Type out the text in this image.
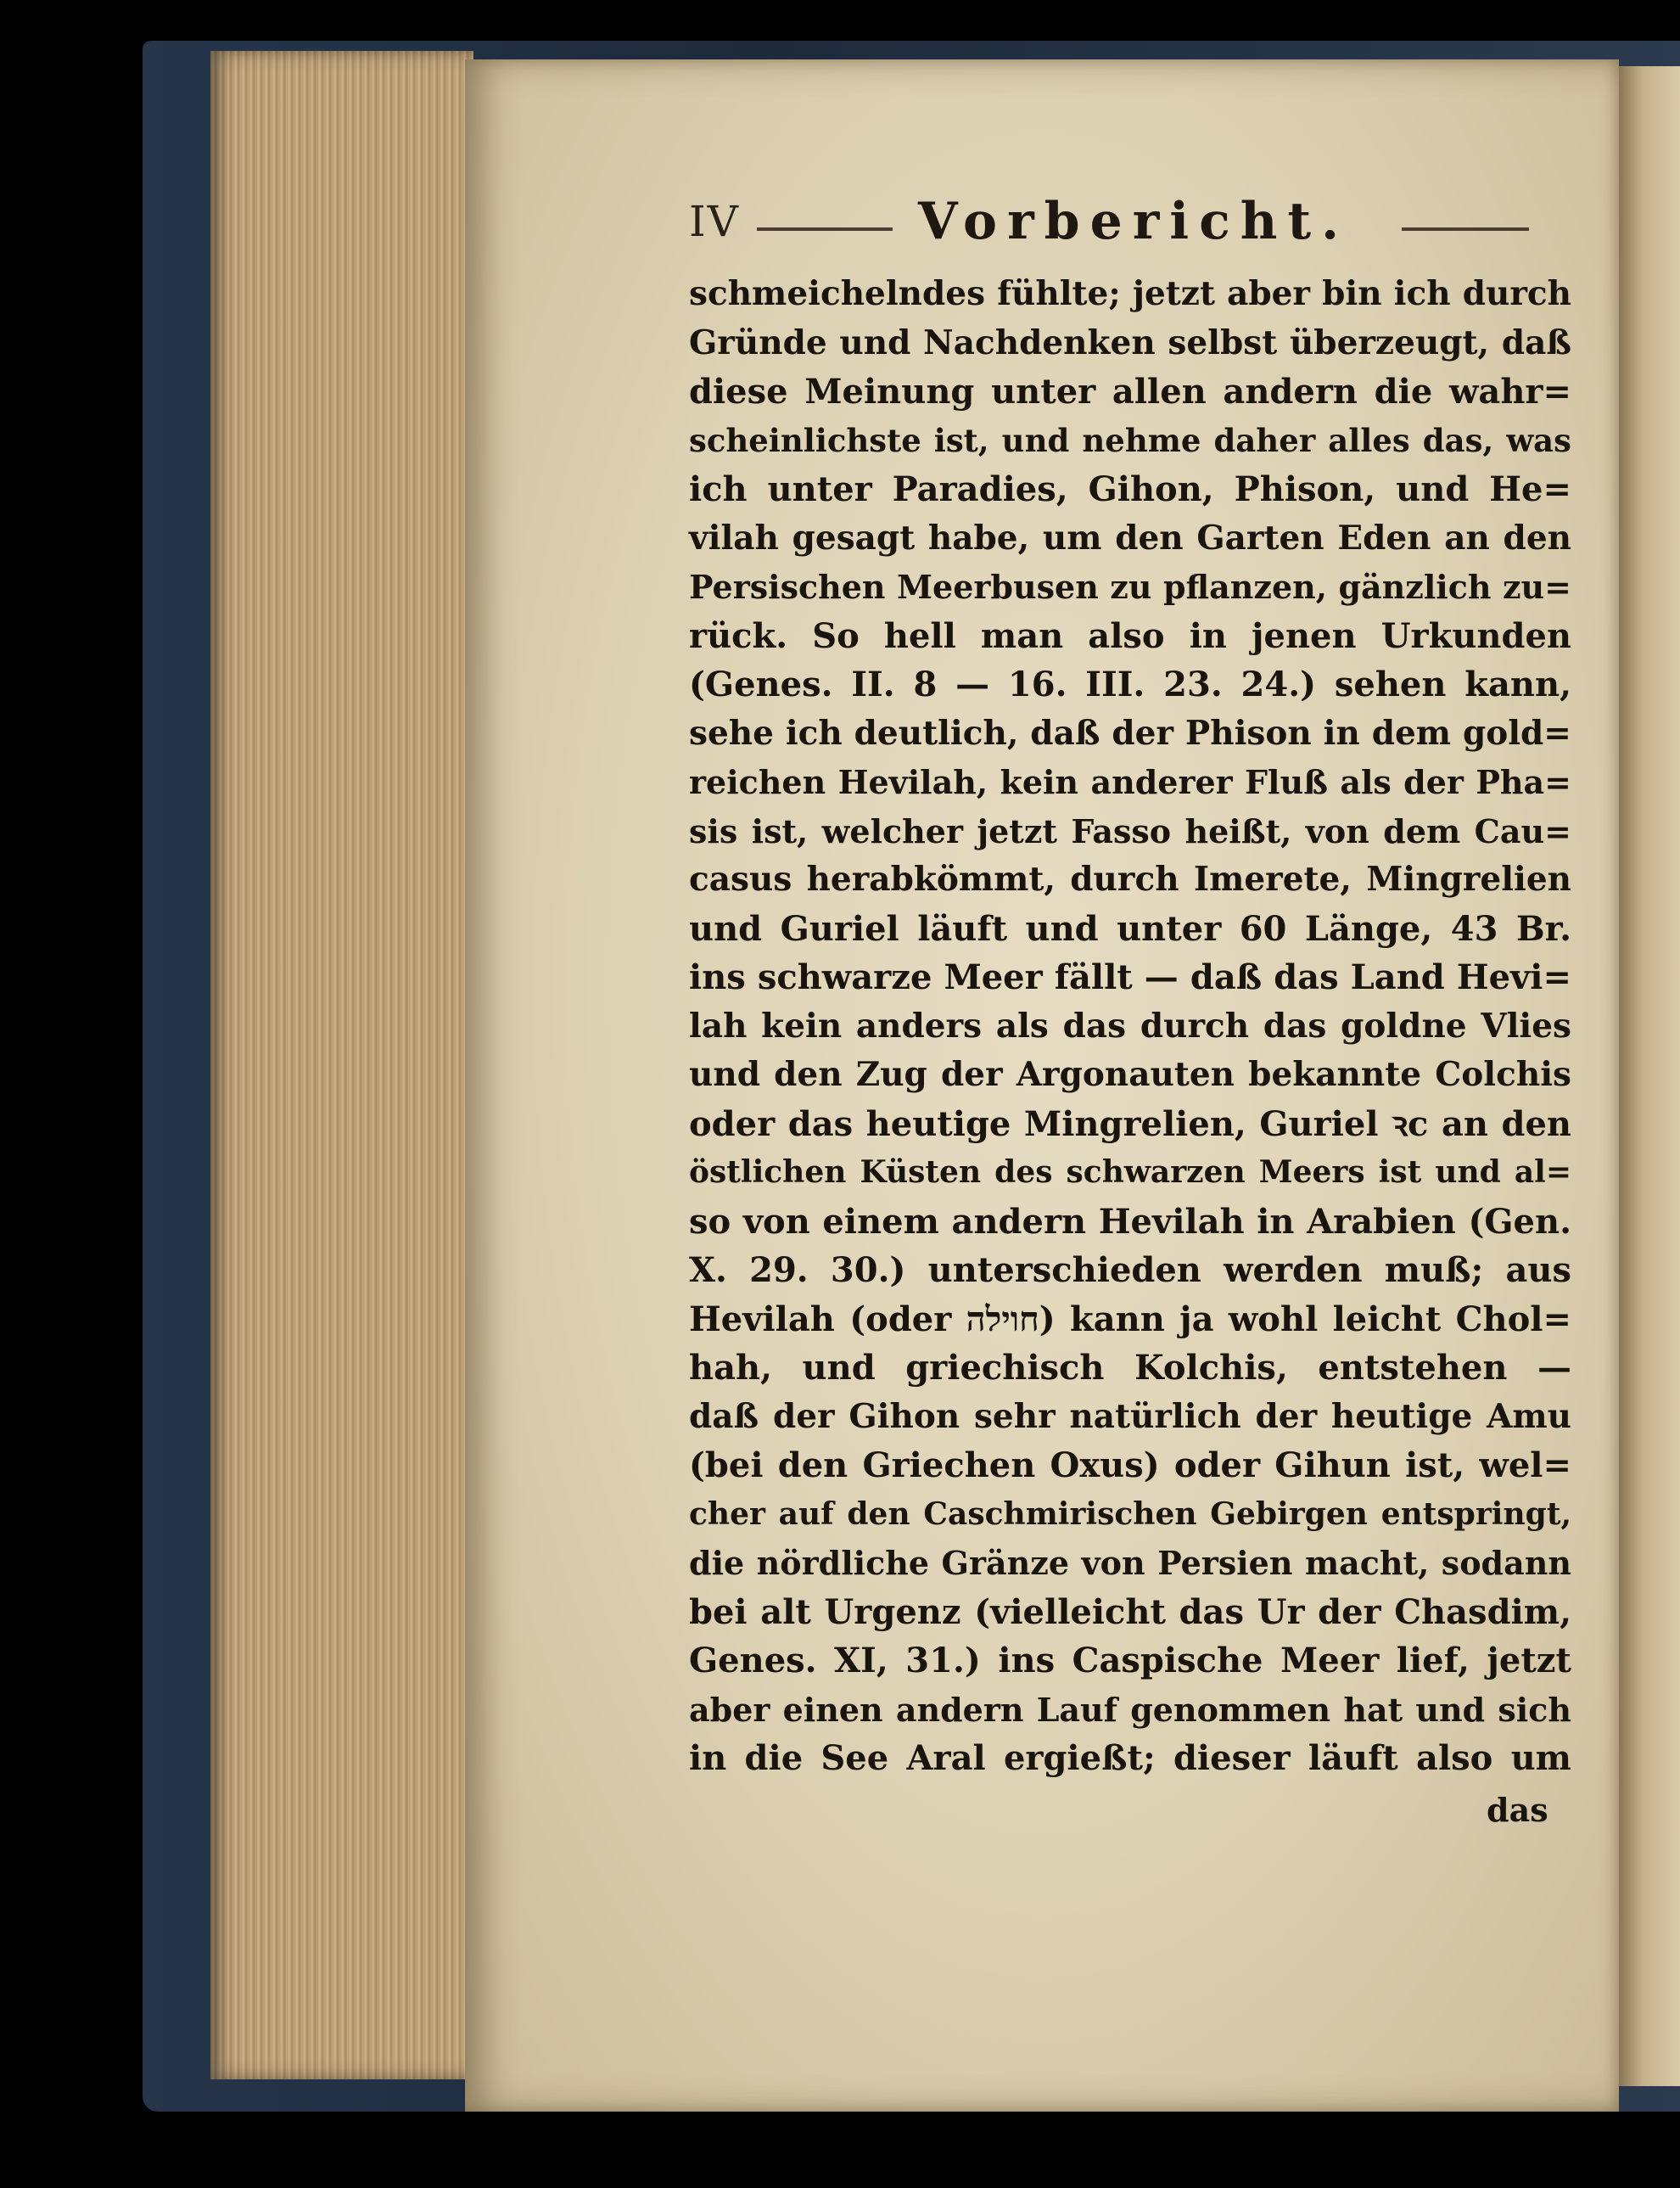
IV	Vorbericht.
schmeichelndes fühlte; jetzt aber bin ich durch
Gründe und Nachdenken selbst überzeugt, daß
diese Meinung unter allen andern die wahr=
scheinlichste ist, und nehme daher alles das, was
ich unter Paradies, Gihon, Phison, und He=
vilah gesagt habe, um den Garten Eden an den
Persischen Meerbusen zu pflanzen, gänzlich zu=
rück. So hell man also in jenen Urkunden
(Genes. II. 8 — 16. III. 23. 24.) sehen kann,
sehe ich deutlich, daß der Phison in dem gold=
reichen Hevilah, kein anderer Fluß als der Pha=
sis ist, welcher jetzt Fasso heißt, von dem Cau=
casus herabkömmt, durch Imerete, Mingrelien
und Guriel läuft und unter 60 Länge, 43 Br.
ins schwarze Meer fällt — daß das Land Hevi=
lah kein anders als das durch das goldne Vlies
und den Zug der Argonauten bekannte Colchis
oder das heutige Mingrelien, Guriel ꝛc an den
östlichen Küsten des schwarzen Meers ist und al=
so von einem andern Hevilah in Arabien (Gen.
X. 29. 30.) unterschieden werden muß; aus
Hevilah (oder חוילה) kann ja wohl leicht Chol=
hah, und griechisch Kolchis, entstehen —
daß der Gihon sehr natürlich der heutige Amu
(bei den Griechen Oxus) oder Gihun ist, wel=
cher auf den Caschmirischen Gebirgen entspringt,
die nördliche Gränze von Persien macht, sodann
bei alt Urgenz (vielleicht das Ur der Chasdim,
Genes. XI, 31.) ins Caspische Meer lief, jetzt
aber einen andern Lauf genommen hat und sich
in die See Aral ergießt; dieser läuft also um
das
